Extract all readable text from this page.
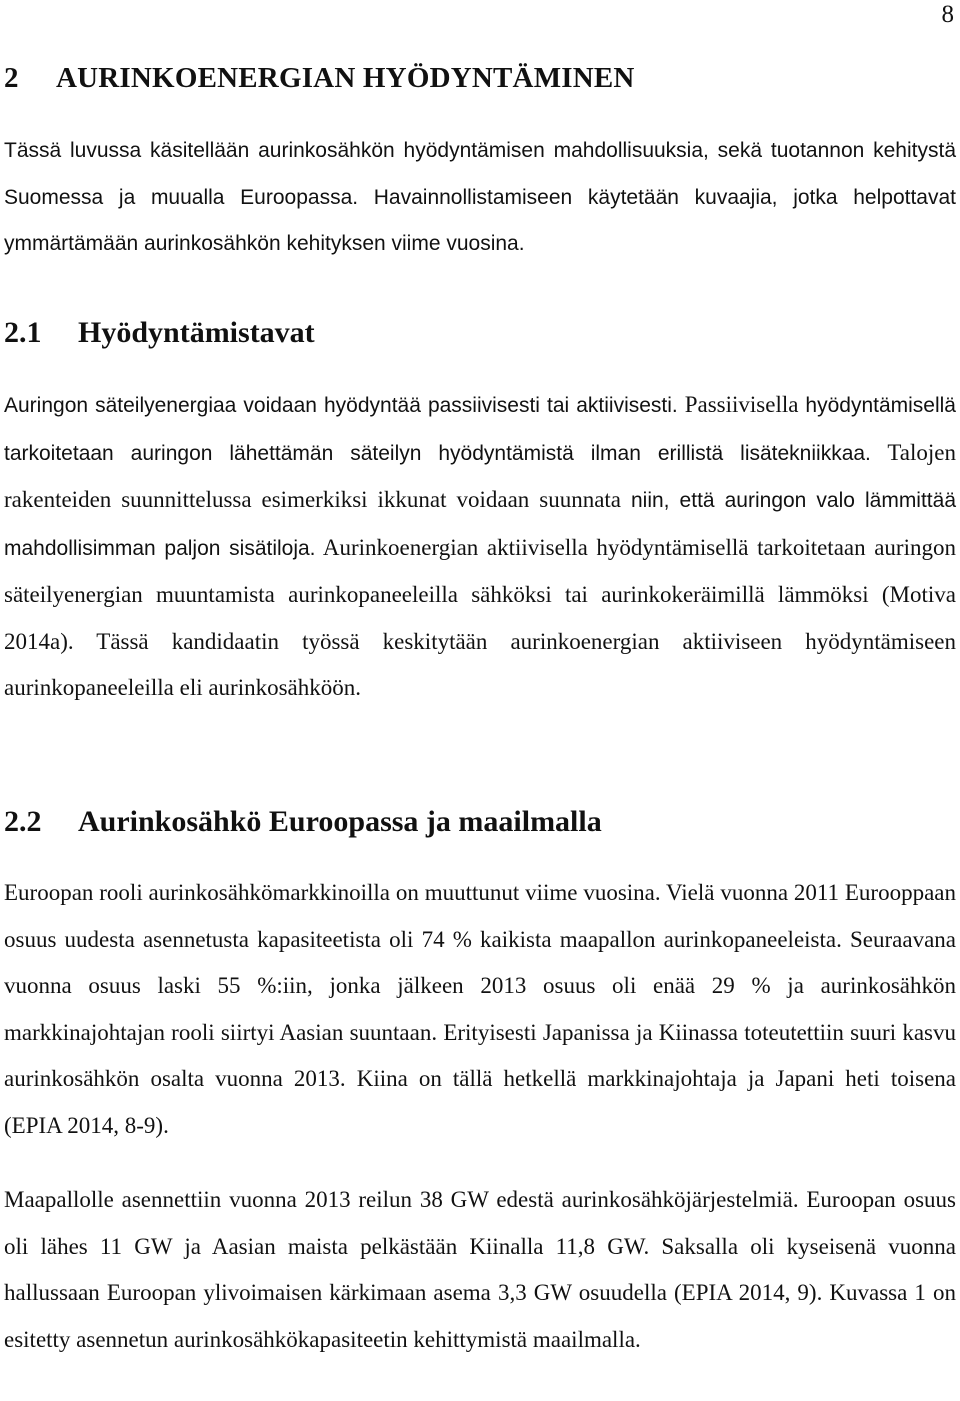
8
2 AURINKOENERGIAN HYÖDYNTÄMINEN

Tässä luvussa käsitellään aurinkosähkön hyödyntämisen mahdollisuuksia, sekä tuotannon kehitystä Suomessa ja muualla Euroopassa. Havainnollistamiseen käytetään kuvaajia, jotka helpottavat ymmärtämään aurinkosähkön kehityksen viime vuosina.

2.1 Hyödyntämistavat

Auringon säteilyenergiaa voidaan hyödyntää passiivisesti tai aktiivisesti. Passiivisella hyödyntämisellä tarkoitetaan auringon lähettämän säteilyn hyödyntämistä ilman erillistä lisätekniikkaa. Talojen rakenteiden suunnittelussa esimerkiksi ikkunat voidaan suunnata niin, että auringon valo lämmittää mahdollisimman paljon sisätiloja. Aurinkoenergian aktiivisella hyödyntämisellä tarkoitetaan auringon säteilyenergian muuntamista aurinkopaneeleilla sähköksi tai aurinkokeräimillä lämmöksi (Motiva 2014a). Tässä kandidaatin työssä keskitytään aurinkoenergian aktiiviseen hyödyntämiseen aurinkopaneeleilla eli aurinkosähköön.

2.2 Aurinkosähkö Euroopassa ja maailmalla

Euroopan rooli aurinkosähkömarkkinoilla on muuttunut viime vuosina. Vielä vuonna 2011 Eurooppaan osuus uudesta asennetusta kapasiteetista oli 74 % kaikista maapallon aurinkopaneeleista. Seuraavana vuonna osuus laski 55 %:iin, jonka jälkeen 2013 osuus oli enää 29 % ja aurinkosähkön markkinajohtajan rooli siirtyi Aasian suuntaan. Erityisesti Japanissa ja Kiinassa toteutettiin suuri kasvu aurinkosähkön osalta vuonna 2013. Kiina on tällä hetkellä markkinajohtaja ja Japani heti toisena (EPIA 2014, 8-9).

Maapallolle asennettiin vuonna 2013 reilun 38 GW edestä aurinkosähköjärjestelmiä. Euroopan osuus oli lähes 11 GW ja Aasian maista pelkästään Kiinalla 11,8 GW. Saksalla oli kyseisenä vuonna hallussaan Euroopan ylivoimaisen kärkimaan asema 3,3 GW osuudella (EPIA 2014, 9). Kuvassa 1 on esitetty asennetun aurinkosähkökapasiteetin kehittymistä maailmalla.
